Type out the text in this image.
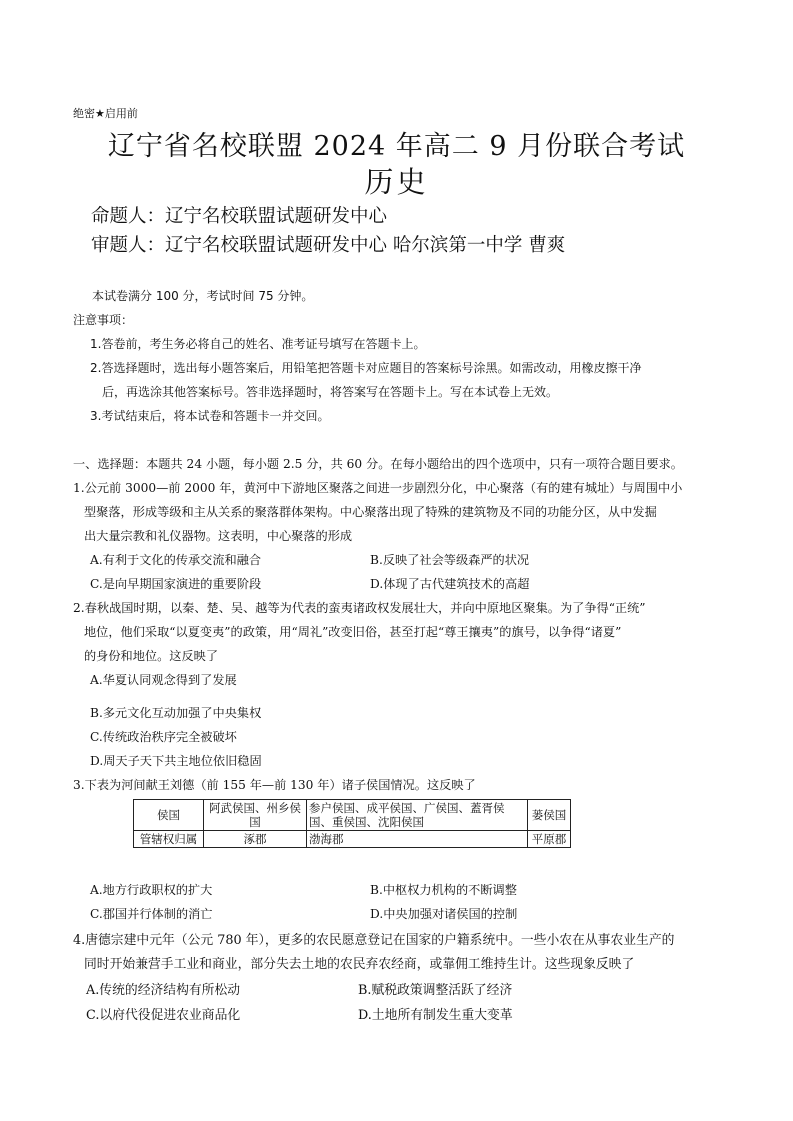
绝密★启用前
辽宁省名校联盟 2024 年高二 9 月份联合考试
历史
命题人：辽宁名校联盟试题研发中心
审题人：辽宁名校联盟试题研发中心 哈尔滨第一中学 曹爽
本试卷满分 100 分，考试时间 75 分钟。
注意事项：
1.答卷前，考生务必将自己的姓名、准考证号填写在答题卡上。
2.答选择题时，选出每小题答案后，用铅笔把答题卡对应题目的答案标号涂黑。如需改动，用橡皮擦干净
后，再选涂其他答案标号。答非选择题时，将答案写在答题卡上。写在本试卷上无效。
3.考试结束后，将本试卷和答题卡一并交回。
一、选择题：本题共 24 小题，每小题 2.5 分，共 60 分。在每小题给出的四个选项中，只有一项符合题目要求。
1.公元前 3000—前 2000 年，黄河中下游地区聚落之间进一步剧烈分化，中心聚落（有的建有城址）与周围中小
型聚落，形成等级和主从关系的聚落群体架构。中心聚落出现了特殊的建筑物及不同的功能分区，从中发掘
出大量宗教和礼仪器物。这表明，中心聚落的形成
A.有利于文化的传承交流和融合	B.反映了社会等级森严的状况
C.是向早期国家演进的重要阶段	D.体现了古代建筑技术的高超
2.春秋战国时期，以秦、楚、吴、越等为代表的蛮夷诸政权发展壮大，并向中原地区聚集。为了争得“正统”
地位，他们采取“以夏变夷”的政策，用“周礼”改变旧俗，甚至打起“尊王攘夷”的旗号，以争得“诸夏”
的身份和地位。这反映了
A.华夏认同观念得到了发展
B.多元文化互动加强了中央集权
C.传统政治秩序完全被破坏
D.周天子天下共主地位依旧稳固
3.下表为河间献王刘德（前 155 年—前 130 年）诸子侯国情况。这反映了
侯国	阿武侯国、州乡侯国	参户侯国、成平侯国、广侯国、蓋胥侯国、重侯国、沈阳侯国	蒌侯国
管辖权归属	涿郡	渤海郡	平原郡
A.地方行政职权的扩大	B.中枢权力机构的不断调整
C.郡国并行体制的消亡	D.中央加强对诸侯国的控制
4.唐德宗建中元年（公元 780 年），更多的农民愿意登记在国家的户籍系统中。一些小农在从事农业生产的
同时开始兼营手工业和商业，部分失去土地的农民弃农经商，或靠佣工维持生计。这些现象反映了
A.传统的经济结构有所松动	B.赋税政策调整活跃了经济
C.以府代役促进农业商品化	D.土地所有制发生重大变革
